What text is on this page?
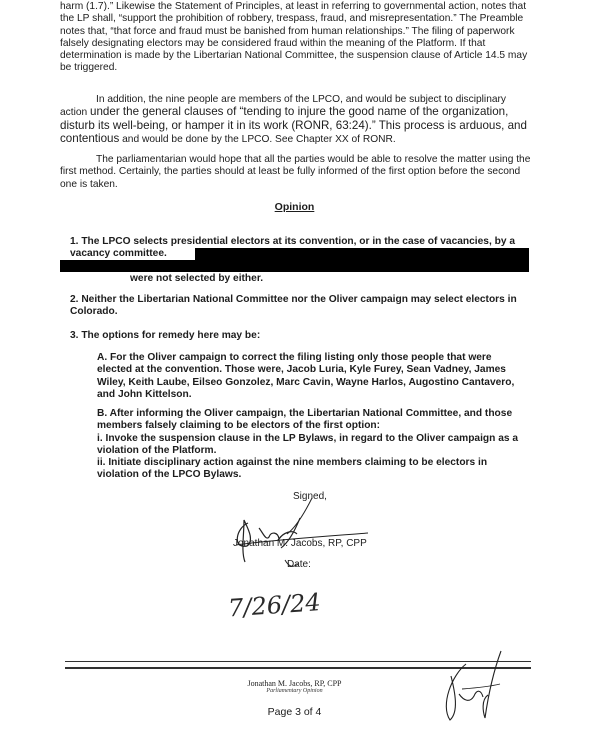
harm (1.7).” Likewise the Statement of Principles, at least in referring to governmental action, notes that the LP shall, “support the prohibition of robbery, trespass, fraud, and misrepresentation.” The Preamble notes that, “that force and fraud must be banished from human relationships.” The filing of paperwork falsely designating electors may be considered fraud within the meaning of the Platform. If that determination is made by the Libertarian National Committee, the suspension clause of Article 14.5 may be triggered.

In addition, the nine people are members of the LPCO, and would be subject to disciplinary action under the general clauses of “tending to injure the good name of the organization, disturb its well-being, or hamper it in its work (RONR, 63:24).” This process is arduous, and contentious and would be done by the LPCO. See Chapter XX of RONR.

The parliamentarian would hope that all the parties would be able to resolve the matter using the first method. Certainly, the parties should at least be fully informed of the first option before the second one is taken.

Opinion
1. The LPCO selects presidential electors at its convention, or in the case of vacancies, by a vacancy committee.
were not selected by either.
2. Neither the Libertarian National Committee nor the Oliver campaign may select electors in Colorado.
3. The options for remedy here may be:
A. For the Oliver campaign to correct the filing listing only those people that were elected at the convention. Those were, Jacob Luria, Kyle Furey, Sean Vadney, James Wiley, Keith Laube, Eilseo Gonzolez, Marc Cavin, Wayne Harlos, Augostino Cantavero, and John Kittelson.
B. After informing the Oliver campaign, the Libertarian National Committee, and those members falsely claiming to be electors of the first option:
i. Invoke the suspension clause in the LP Bylaws, in regard to the Oliver campaign as a violation of the Platform.
ii. Initiate disciplinary action against the nine members claiming to be electors in violation of the LPCO Bylaws.
Signed,
Jonathan M. Jacobs, RP, CPP
Date:
7/26/24
Jonathan M. Jacobs, RP, CPP
Parliamentary Opinion
Page 3 of 4
